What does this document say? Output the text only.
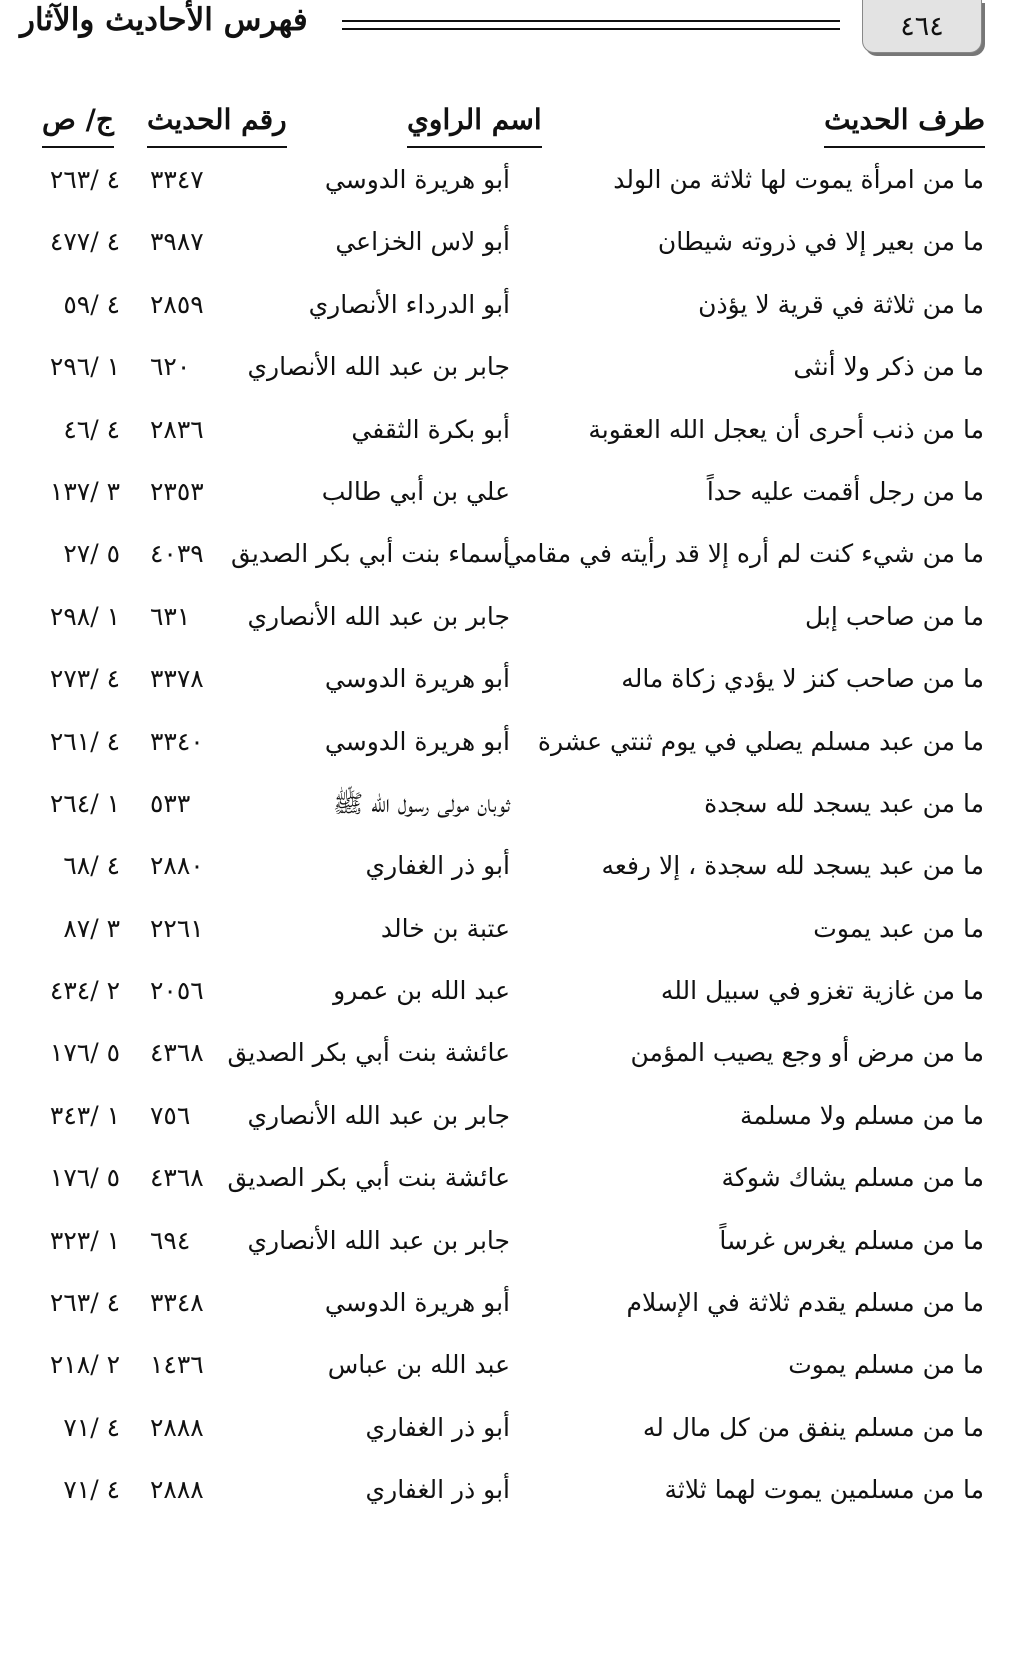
٤٦٤
فهرس الأحاديث والآثار
طرف الحديث
اسم الراوي
رقم الحديث
ج/ ص
ما من امرأة يموت لها ثلاثة من الولد
أبو هريرة الدوسي
٣٣٤٧
٤ /٢٦٣
ما من بعير إلا في ذروته شيطان
أبو لاس الخزاعي
٣٩٨٧
٤ /٤٧٧
ما من ثلاثة في قرية لا يؤذن
أبو الدرداء الأنصاري
٢٨٥٩
٤ /٥٩
ما من ذكر ولا أنثى
جابر بن عبد الله الأنصاري
٦٢٠
١ /٢٩٦
ما من ذنب أحرى أن يعجل الله العقوبة
أبو بكرة الثقفي
٢٨٣٦
٤ /٤٦
ما من رجل أقمت عليه حداً
علي بن أبي طالب
٢٣٥٣
٣ /١٣٧
ما من شيء كنت لم أره إلا قد رأيته في مقامي
أسماء بنت أبي بكر الصديق
٤٠٣٩
٥ /٢٧
ما من صاحب إبل
جابر بن عبد الله الأنصاري
٦٣١
١ /٢٩٨
ما من صاحب كنز لا يؤدي زكاة ماله
أبو هريرة الدوسي
٣٣٧٨
٤ /٢٧٣
ما من عبد مسلم يصلي في يوم ثنتي عشرة
أبو هريرة الدوسي
٣٣٤٠
٤ /٢٦١
ما من عبد يسجد لله سجدة
ثوبان مولى رسول الله ﷺ
٥٣٣
١ /٢٦٤
ما من عبد يسجد لله سجدة ، إلا رفعه
أبو ذر الغفاري
٢٨٨٠
٤ /٦٨
ما من عبد يموت
عتبة بن خالد
٢٢٦١
٣ /٨٧
ما من غازية تغزو في سبيل الله
عبد الله بن عمرو
٢٠٥٦
٢ /٤٣٤
ما من مرض أو وجع يصيب المؤمن
عائشة بنت أبي بكر الصديق
٤٣٦٨
٥ /١٧٦
ما من مسلم ولا مسلمة
جابر بن عبد الله الأنصاري
٧٥٦
١ /٣٤٣
ما من مسلم يشاك شوكة
عائشة بنت أبي بكر الصديق
٤٣٦٨
٥ /١٧٦
ما من مسلم يغرس غرساً
جابر بن عبد الله الأنصاري
٦٩٤
١ /٣٢٣
ما من مسلم يقدم ثلاثة في الإسلام
أبو هريرة الدوسي
٣٣٤٨
٤ /٢٦٣
ما من مسلم يموت
عبد الله بن عباس
١٤٣٦
٢ /٢١٨
ما من مسلم ينفق من كل مال له
أبو ذر الغفاري
٢٨٨٨
٤ /٧١
ما من مسلمين يموت لهما ثلاثة
أبو ذر الغفاري
٢٨٨٨
٤ /٧١
